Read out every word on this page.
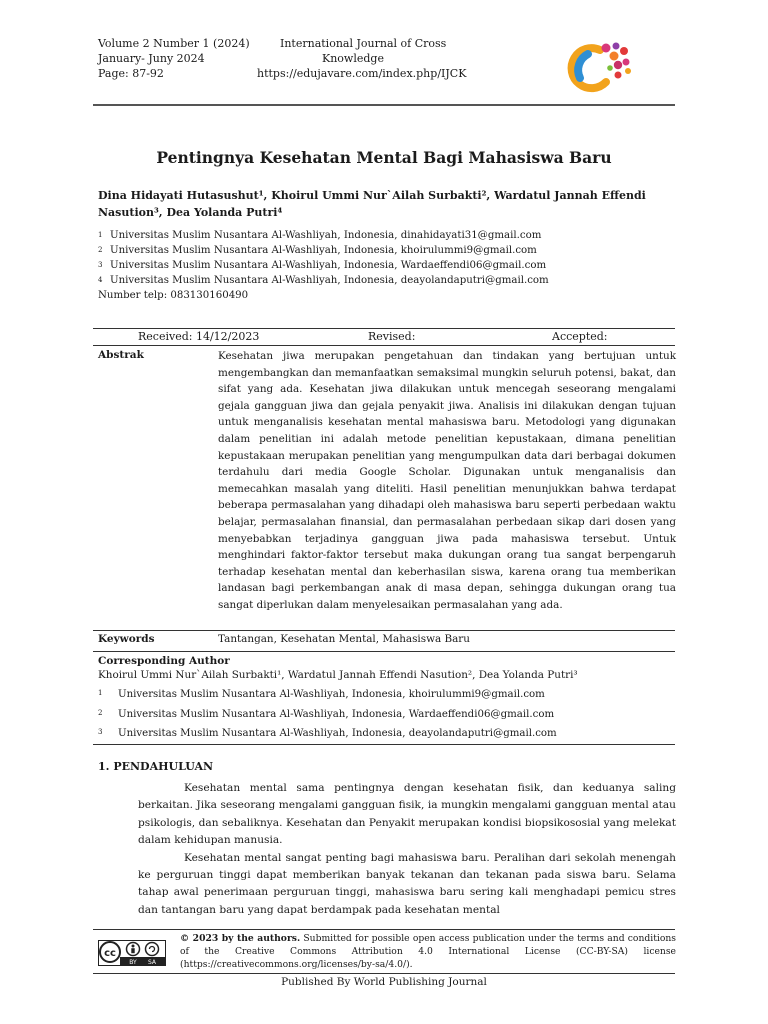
Volume 2 Number 1 (2024)
January- Juny 2024
Page: 87-92
International Journal of Cross
Knowledge
https://edujavare.com/index.php/IJCK
Pentingnya Kesehatan Mental Bagi Mahasiswa Baru
Dina Hidayati Hutasushut¹, Khoirul Ummi Nur`Ailah Surbakti², Wardatul Jannah Effendi
Nasution³, Dea Yolanda Putri⁴
$^1$ Universitas Muslim Nusantara Al-Washliyah, Indonesia, dinahidayati31@gmail.com
$^2$ Universitas Muslim Nusantara Al-Washliyah, Indonesia, khoirulummi9@gmail.com
$^3$ Universitas Muslim Nusantara Al-Washliyah, Indonesia, Wardaeffendi06@gmail.com
$^4$ Universitas Muslim Nusantara Al-Washliyah, Indonesia, deayolandaputri@gmail.com
Number telp: 083130160490
Received: 14/12/2023	Revised:	Accepted:
Abstrak	Kesehatan jiwa merupakan pengetahuan dan tindakan yang bertujuan untuk mengembangkan dan memanfaatkan semaksimal mungkin seluruh potensi, bakat, dan sifat yang ada. Kesehatan jiwa dilakukan untuk mencegah seseorang mengalami gejala gangguan jiwa dan gejala penyakit jiwa. Analisis ini dilakukan dengan tujuan untuk menganalisis kesehatan mental mahasiswa baru. Metodologi yang digunakan dalam penelitian ini adalah metode penelitian kepustakaan, dimana penelitian kepustakaan merupakan penelitian yang mengumpulkan data dari berbagai dokumen terdahulu dari media Google Scholar. Digunakan untuk menganalisis dan memecahkan masalah yang diteliti. Hasil penelitian menunjukkan bahwa terdapat beberapa permasalahan yang dihadapi oleh mahasiswa baru seperti perbedaan waktu belajar, permasalahan finansial, dan permasalahan perbedaan sikap dari dosen yang menyebabkan terjadinya gangguan jiwa pada mahasiswa tersebut. Untuk menghindari faktor-faktor tersebut maka dukungan orang tua sangat berpengaruh terhadap kesehatan mental dan keberhasilan siswa, karena orang tua memberikan landasan bagi perkembangan anak di masa depan, sehingga dukungan orang tua sangat diperlukan dalam menyelesaikan permasalahan yang ada.
Keywords	Tantangan, Kesehatan Mental, Mahasiswa Baru
Corresponding Author
Khoirul Ummi Nur`Ailah Surbakti¹, Wardatul Jannah Effendi Nasution², Dea Yolanda Putri³
$^1$ Universitas Muslim Nusantara Al-Washliyah, Indonesia, khoirulummi9@gmail.com
$^2$ Universitas Muslim Nusantara Al-Washliyah, Indonesia, Wardaeffendi06@gmail.com
$^3$ Universitas Muslim Nusantara Al-Washliyah, Indonesia, deayolandaputri@gmail.com
1. PENDAHULUAN

Kesehatan mental sama pentingnya dengan kesehatan fisik, dan keduanya saling berkaitan. Jika seseorang mengalami gangguan fisik, ia mungkin mengalami gangguan mental atau psikologis, dan sebaliknya. Kesehatan dan Penyakit merupakan kondisi biopsikososial yang melekat dalam kehidupan manusia.

Kesehatan mental sangat penting bagi mahasiswa baru. Peralihan dari sekolah menengah ke perguruan tinggi dapat memberikan banyak tekanan dan tekanan pada siswa baru. Selama tahap awal penerimaan perguruan tinggi, mahasiswa baru sering kali menghadapi pemicu stres dan tantangan baru yang dapat berdampak pada kesehatan mental

cc
BY SA
© 2023 by the authors. Submitted for possible open access publication under the terms and conditions of the Creative Commons Attribution 4.0 International License (CC-BY-SA) license (https://creativecommons.org/licenses/by-sa/4.0/).
Published By World Publishing Journal
